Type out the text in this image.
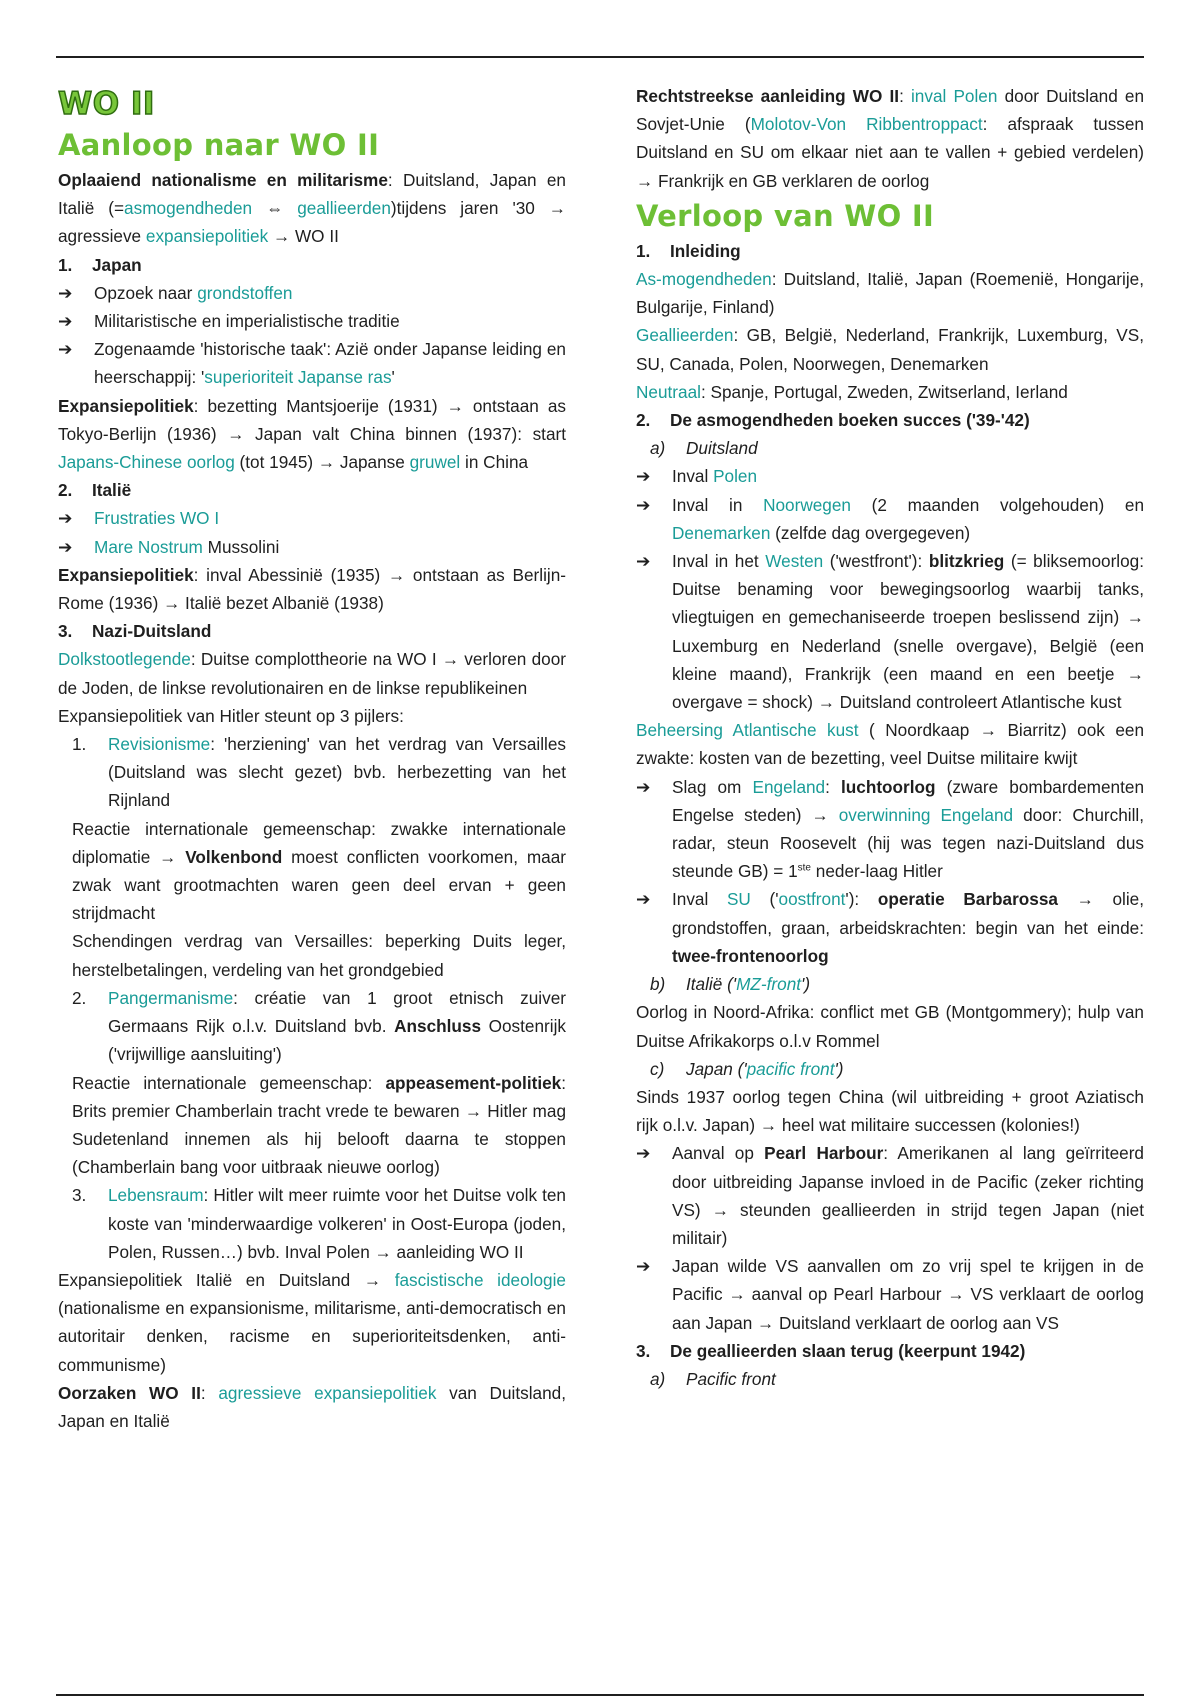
WO II
Aanloop naar WO II

Oplaaiend nationalisme en militarisme: Duitsland, Japan en Italië (=asmogendheden ⇔ geallieerden)tijdens jaren '30 → agressieve expansiepolitiek → WO II

1. Japan

➔ Opzoek naar grondstoffen

➔ Militaristische en imperialistische traditie

➔ Zogenaamde 'historische taak': Azië onder Japanse leiding en heerschappij: 'superioriteit Japanse ras'

Expansiepolitiek: bezetting Mantsjoerije (1931) → ontstaan as Tokyo-Berlijn (1936) → Japan valt China binnen (1937): start Japans-Chinese oorlog (tot 1945) → Japanse gruwel in China

2. Italië

➔ Frustraties WO I

➔ Mare Nostrum Mussolini

Expansiepolitiek: inval Abessinië (1935) → ontstaan as Berlijn-Rome (1936) → Italië bezet Albanië (1938)

3. Nazi-Duitsland

Dolkstootlegende: Duitse complottheorie na WO I → verloren door de Joden, de linkse revolutionairen en de linkse republikeinen

Expansiepolitiek van Hitler steunt op 3 pijlers:

1. Revisionisme: 'herziening' van het verdrag van Versailles (Duitsland was slecht gezet) bvb. herbezetting van het Rijnland

Reactie internationale gemeenschap: zwakke internationale diplomatie → Volkenbond moest conflicten voorkomen, maar zwak want grootmachten waren geen deel ervan + geen strijdmacht

Schendingen verdrag van Versailles: beperking Duits leger, herstelbetalingen, verdeling van het grondgebied

2. Pangermanisme: créatie van 1 groot etnisch zuiver Germaans Rijk o.l.v. Duitsland bvb. Anschluss Oostenrijk ('vrijwillige aansluiting')

Reactie internationale gemeenschap: appeasement-politiek: Brits premier Chamberlain tracht vrede te bewaren → Hitler mag Sudetenland innemen als hij belooft daarna te stoppen (Chamberlain bang voor uitbraak nieuwe oorlog)

3. Lebensraum: Hitler wilt meer ruimte voor het Duitse volk ten koste van 'minderwaardige volkeren' in Oost-Europa (joden, Polen, Russen…) bvb. Inval Polen → aanleiding WO II

Expansiepolitiek Italië en Duitsland → fascistische ideologie (nationalisme en expansionisme, militarisme, anti-democratisch en autoritair denken, racisme en superioriteitsdenken, anti-communisme)

Oorzaken WO II: agressieve expansiepolitiek van Duitsland, Japan en Italië

Rechtstreekse aanleiding WO II: inval Polen door Duitsland en Sovjet-Unie (Molotov-Von Ribbentroppact: afspraak tussen Duitsland en SU om elkaar niet aan te vallen + gebied verdelen) → Frankrijk en GB verklaren de oorlog

Verloop van WO II

1. Inleiding

As-mogendheden: Duitsland, Italië, Japan (Roemenië, Hongarije, Bulgarije, Finland)

Geallieerden: GB, België, Nederland, Frankrijk, Luxemburg, VS, SU, Canada, Polen, Noorwegen, Denemarken

Neutraal: Spanje, Portugal, Zweden, Zwitserland, Ierland

2. De asmogendheden boeken succes ('39-'42)

a) Duitsland

➔ Inval Polen

➔ Inval in Noorwegen (2 maanden volgehouden) en Denemarken (zelfde dag overgegeven)

➔ Inval in het Westen ('westfront'): blitzkrieg (= bliksemoorlog: Duitse benaming voor bewegingsoorlog waarbij tanks, vliegtuigen en gemechaniseerde troepen beslissend zijn) → Luxemburg en Nederland (snelle overgave), België (een kleine maand), Frankrijk (een maand en een beetje → overgave = shock) → Duitsland controleert Atlantische kust

Beheersing Atlantische kust ( Noordkaap → Biarritz) ook een zwakte: kosten van de bezetting, veel Duitse militaire kwijt

➔ Slag om Engeland: luchtoorlog (zware bombardementen Engelse steden) → overwinning Engeland door: Churchill, radar, steun Roosevelt (hij was tegen nazi-Duitsland dus steunde GB) = 1ste neder-laag Hitler

➔ Inval SU ('oostfront'): operatie Barbarossa → olie, grondstoffen, graan, arbeidskrachten: begin van het einde: twee-frontenoorlog

b) Italië ('MZ-front')

Oorlog in Noord-Afrika: conflict met GB (Montgommery); hulp van Duitse Afrikakorps o.l.v Rommel

c) Japan ('pacific front')

Sinds 1937 oorlog tegen China (wil uitbreiding + groot Aziatisch rijk o.l.v. Japan) → heel wat militaire successen (kolonies!)

➔ Aanval op Pearl Harbour: Amerikanen al lang geïrriteerd door uitbreiding Japanse invloed in de Pacific (zeker richting VS) → steunden geallieerden in strijd tegen Japan (niet militair)

➔ Japan wilde VS aanvallen om zo vrij spel te krijgen in de Pacific → aanval op Pearl Harbour → VS verklaart de oorlog aan Japan → Duitsland verklaart de oorlog aan VS

3. De geallieerden slaan terug (keerpunt 1942)

a) Pacific front
